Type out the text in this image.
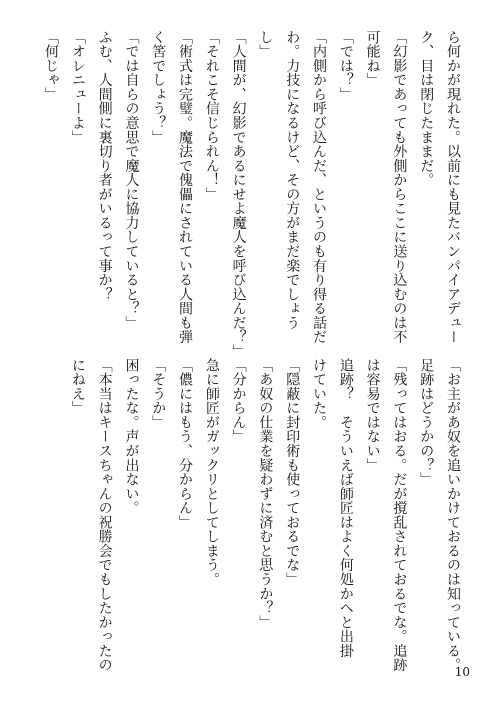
ら何かが現れた。以前にも見たバンパイアデュー
ク、目は閉じたままだ。
「幻影であっても外側からここに送り込むのは不
可能ね」
「では？」
「内側から呼び込んだ、というのも有り得る話だ
わ。力技になるけど、その方がまだ楽でしょう
し」
「人間が、幻影であるにせよ魔人を呼び込んだ？」
「それこそ信じられん！」
「術式は完璧。魔法で傀儡にされている人間も弾
く筈でしょう？」
「では自らの意思で魔人に協力していると？」
ふむ、人間側に裏切り者がいるって事か？
「オレニューよ」
「何じゃ」
「お主があ奴を追いかけておるのは知っている。
足跡はどうかの？」
「残ってはおる。だが撹乱されておるでな。追跡
は容易ではない」
追跡？　そういえば師匠はよく何処かへと出掛
けていた。
「隠蔽に封印術も使っておるでな」
「あ奴の仕業を疑わずに済むと思うか？」
「分からん」
急に師匠がガックリとしてしまう。
「儂にはもう、分からん」
「そうか」
困ったな。声が出ない。
「本当はキースちゃんの祝勝会でもしたかったの
にねえ」
10
